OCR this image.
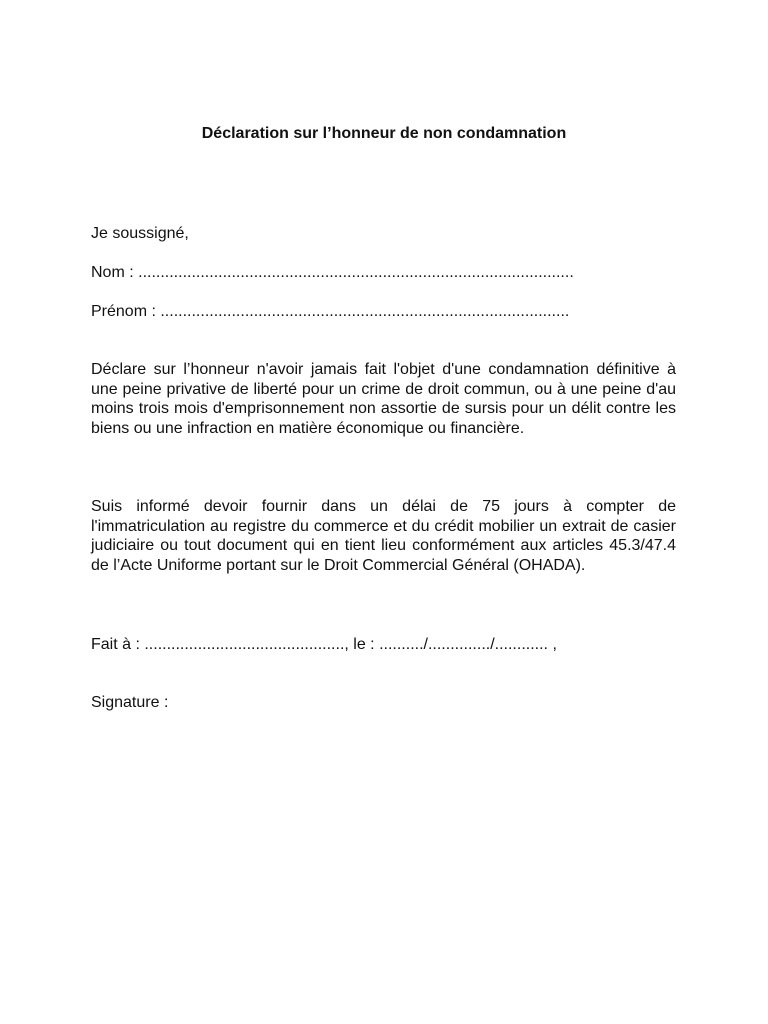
Déclaration sur l’honneur de non condamnation

Je soussigné,

Nom : ..................................................................................................

Prénom : ............................................................................................

Déclare sur l’honneur n'avoir jamais fait l'objet d'une condamnation définitive à une peine privative de liberté pour un crime de droit commun, ou à une peine d'au moins trois mois d'emprisonnement non assortie de sursis pour un délit contre les biens ou une infraction en matière économique ou financière.

Suis informé devoir fournir dans un délai de 75 jours à compter de l'immatriculation au registre du commerce et du crédit mobilier un extrait de casier judiciaire ou tout document qui en tient lieu conformément aux articles 45.3/47.4 de l’Acte Uniforme portant sur le Droit Commercial Général (OHADA).

Fait à : ............................................., le : ........../............../............ ,

Signature :
